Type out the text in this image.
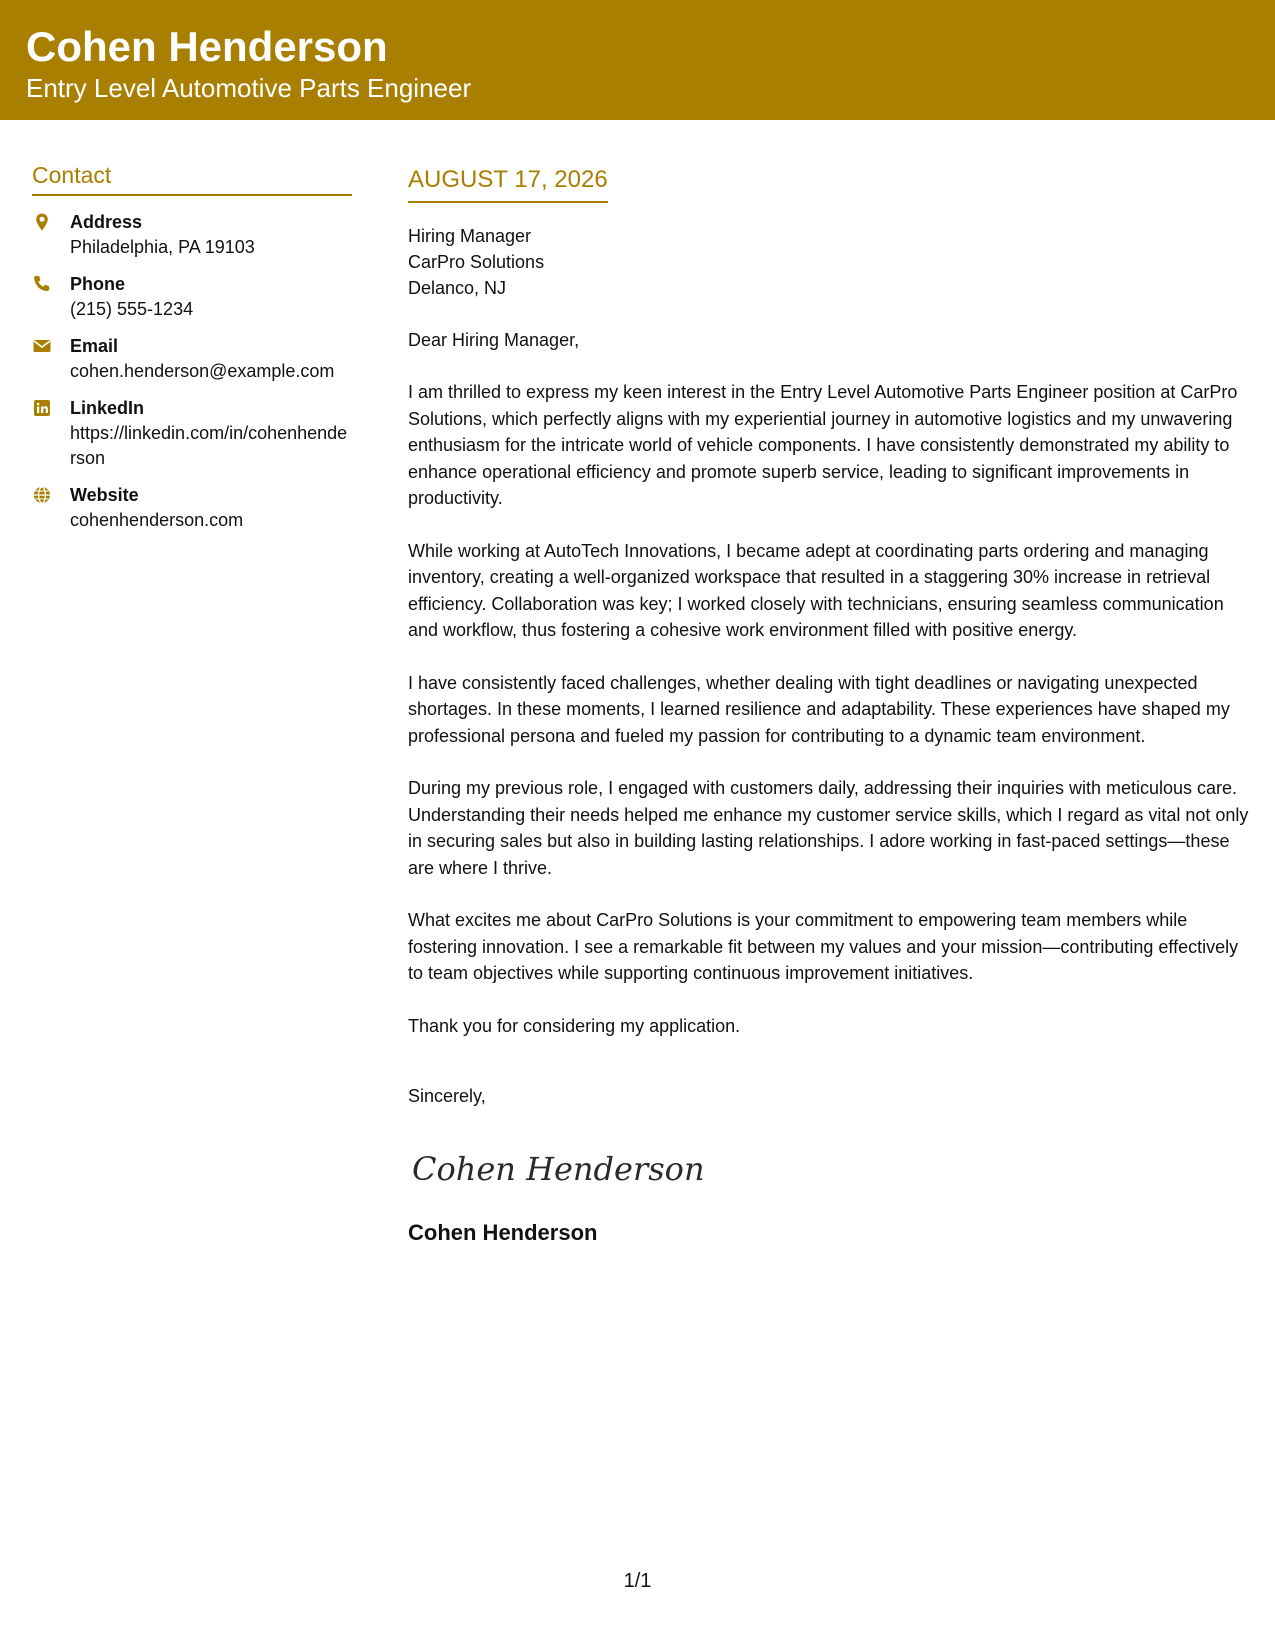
Cohen Henderson
Entry Level Automotive Parts Engineer
Contact
Address
Philadelphia, PA 19103
Phone
(215) 555-1234
Email
cohen.henderson@example.com
LinkedIn
https://linkedin.com/in/cohenhenderson
Website
cohenhenderson.com
AUGUST 17, 2026
Hiring Manager
CarPro Solutions
Delanco, NJ
Dear Hiring Manager,
I am thrilled to express my keen interest in the Entry Level Automotive Parts Engineer position at CarPro Solutions, which perfectly aligns with my experiential journey in automotive logistics and my unwavering enthusiasm for the intricate world of vehicle components. I have consistently demonstrated my ability to enhance operational efficiency and promote superb service, leading to significant improvements in productivity.
While working at AutoTech Innovations, I became adept at coordinating parts ordering and managing inventory, creating a well-organized workspace that resulted in a staggering 30% increase in retrieval efficiency. Collaboration was key; I worked closely with technicians, ensuring seamless communication and workflow, thus fostering a cohesive work environment filled with positive energy.
I have consistently faced challenges, whether dealing with tight deadlines or navigating unexpected shortages. In these moments, I learned resilience and adaptability. These experiences have shaped my professional persona and fueled my passion for contributing to a dynamic team environment.
During my previous role, I engaged with customers daily, addressing their inquiries with meticulous care. Understanding their needs helped me enhance my customer service skills, which I regard as vital not only in securing sales but also in building lasting relationships. I adore working in fast-paced settings—these are where I thrive.
What excites me about CarPro Solutions is your commitment to empowering team members while fostering innovation. I see a remarkable fit between my values and your mission—contributing effectively to team objectives while supporting continuous improvement initiatives.
Thank you for considering my application.
Sincerely,
Cohen Henderson
Cohen Henderson
1/1
